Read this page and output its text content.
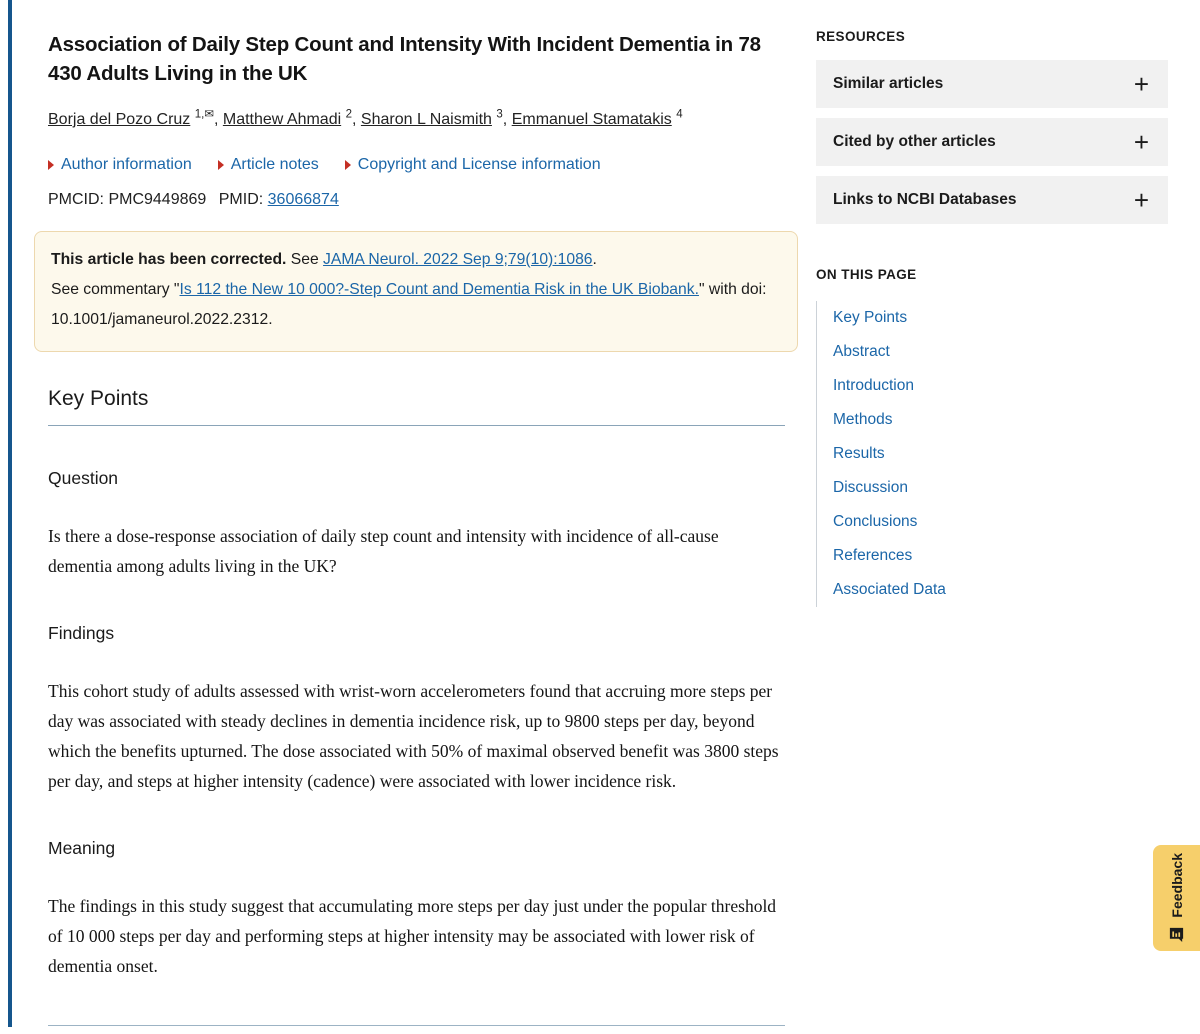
Association of Daily Step Count and Intensity With Incident Dementia in 78 430 Adults Living in the UK
Borja del Pozo Cruz $^{1,✉}$ , Matthew Ahmadi $^2$ , Sharon L Naismith $^3$ , Emmanuel Stamatakis $^4$
Author information Article notes Copyright and License information
PMCID: PMC9449869 PMID: 36066874

This article has been corrected. See JAMA Neurol. 2022 Sep 9;79(10):1086.

See commentary "Is 112 the New 10 000?-Step Count and Dementia Risk in the UK Biobank." with doi: 10.1001/jamaneurol.2022.2312.

Key Points
Question

Is there a dose-response association of daily step count and intensity with incidence of all-cause dementia among adults living in the UK?

Findings

This cohort study of adults assessed with wrist-worn accelerometers found that accruing more steps per day was associated with steady declines in dementia incidence risk, up to 9800 steps per day, beyond which the benefits upturned. The dose associated with 50% of maximal observed benefit was 3800 steps per day, and steps at higher intensity (cadence) were associated with lower incidence risk.

Meaning

The findings in this study suggest that accumulating more steps per day just under the popular threshold of 10 000 steps per day and performing steps at higher intensity may be associated with lower risk of dementia onset.

RESOURCES
Similar articles	+
Cited by other articles	+
Links to NCBI Databases	+
ON THIS PAGE
Key Points
Abstract
Introduction
Methods
Results
Discussion
Conclusions
References
Associated Data
Feedback
